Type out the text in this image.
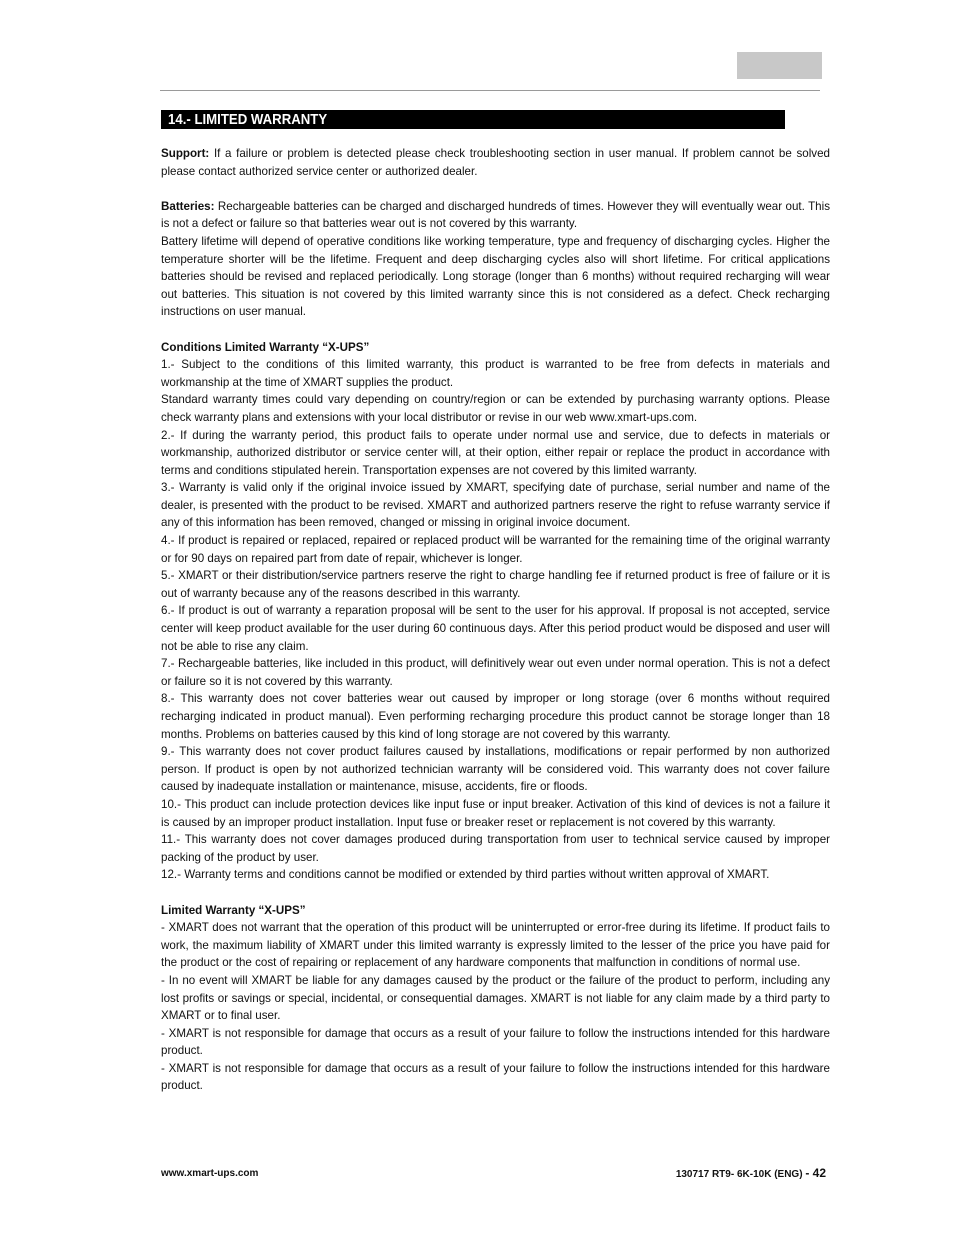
14.- LIMITED WARRANTY

Support: If a failure or problem is detected please check troubleshooting section in user manual. If problem cannot be solved please contact authorized service center or authorized dealer.

Batteries: Rechargeable batteries can be charged and discharged hundreds of times. However they will eventually wear out. This is not a defect or failure so that batteries wear out is not covered by this warranty.

Battery lifetime will depend of operative conditions like working temperature, type and frequency of discharging cycles. Higher the temperature shorter will be the lifetime. Frequent and deep discharging cycles also will short lifetime. For critical applications batteries should be revised and replaced periodically. Long storage (longer than 6 months) without required recharging will wear out batteries. This situation is not covered by this limited warranty since this is not considered as a defect. Check recharging instructions on user manual.

Conditions Limited Warranty “X-UPS”

1.- Subject to the conditions of this limited warranty, this product is warranted to be free from defects in materials and workmanship at the time of XMART supplies the product.

Standard warranty times could vary depending on country/region or can be extended by purchasing warranty options. Please check warranty plans and extensions with your local distributor or revise in our web www.xmart-ups.com.

2.- If during the warranty period, this product fails to operate under normal use and service, due to defects in materials or workmanship, authorized distributor or service center will, at their option, either repair or replace the product in accordance with terms and conditions stipulated herein. Transportation expenses are not covered by this limited warranty.

3.- Warranty is valid only if the original invoice issued by XMART, specifying date of purchase, serial number and name of the dealer, is presented with the product to be revised. XMART and authorized partners reserve the right to refuse warranty service if any of this information has been removed, changed or missing in original invoice document.

4.- If product is repaired or replaced, repaired or replaced product will be warranted for the remaining time of the original warranty or for 90 days on repaired part from date of repair, whichever is longer.

5.- XMART or their distribution/service partners reserve the right to charge handling fee if returned product is free of failure or it is out of warranty because any of the reasons described in this warranty.

6.- If product is out of warranty a reparation proposal will be sent to the user for his approval. If proposal is not accepted, service center will keep product available for the user during 60 continuous days. After this period product would be disposed and user will not be able to rise any claim.

7.- Rechargeable batteries, like included in this product, will definitively wear out even under normal operation. This is not a defect or failure so it is not covered by this warranty.

8.- This warranty does not cover batteries wear out caused by improper or long storage (over 6 months without required recharging indicated in product manual). Even performing recharging procedure this product cannot be storage longer than 18 months. Problems on batteries caused by this kind of long storage are not covered by this warranty.

9.- This warranty does not cover product failures caused by installations, modifications or repair performed by non authorized person. If product is open by not authorized technician warranty will be considered void. This warranty does not cover failure caused by inadequate installation or maintenance, misuse, accidents, fire or floods.

10.- This product can include protection devices like input fuse or input breaker. Activation of this kind of devices is not a failure it is caused by an improper product installation. Input fuse or breaker reset or replacement is not covered by this warranty.

11.- This warranty does not cover damages produced during transportation from user to technical service caused by improper packing of the product by user.

12.- Warranty terms and conditions cannot be modified or extended by third parties without written approval of XMART.

Limited Warranty “X-UPS”

- XMART does not warrant that the operation of this product will be uninterrupted or error-free during its lifetime. If product fails to work, the maximum liability of XMART under this limited warranty is expressly limited to the lesser of the price you have paid for the product or the cost of repairing or replacement of any hardware components that malfunction in conditions of normal use.

- In no event will XMART be liable for any damages caused by the product or the failure of the product to perform, including any lost profits or savings or special, incidental, or consequential damages. XMART is not liable for any claim made by a third party to XMART or to final user.

- XMART is not responsible for damage that occurs as a result of your failure to follow the instructions intended for this hardware product.

- XMART is not responsible for damage that occurs as a result of your failure to follow the instructions intended for this hardware product.

www.xmart-ups.com	130717 RT9- 6K-10K (ENG) - 42
